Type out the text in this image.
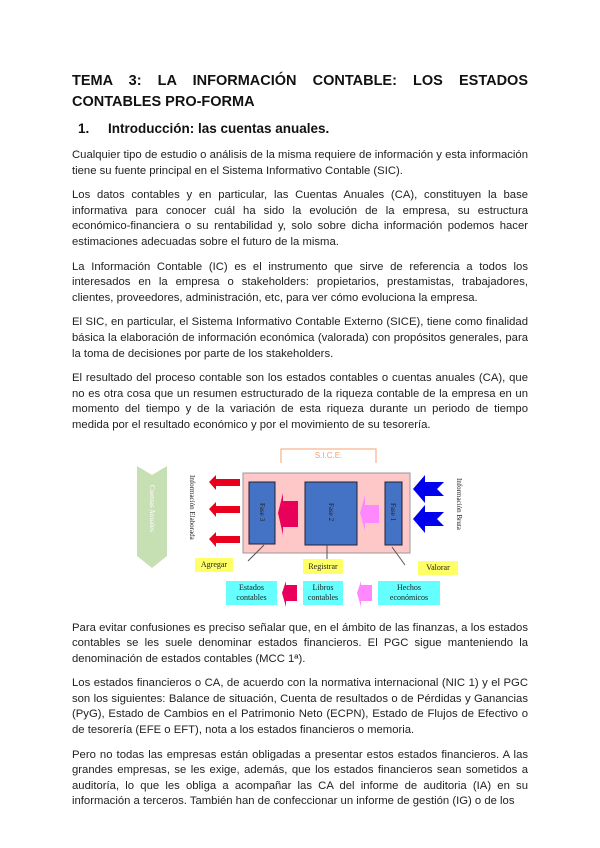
TEMA 3: LA INFORMACIÓN CONTABLE: LOS ESTADOS CONTABLES PRO-FORMA
1. Introducción: las cuentas anuales.

Cualquier tipo de estudio o análisis de la misma requiere de información y esta información tiene su fuente principal en el Sistema Informativo Contable (SIC).

Los datos contables y en particular, las Cuentas Anuales (CA), constituyen la base informativa para conocer cuál ha sido la evolución de la empresa, su estructura económico-financiera o su rentabilidad y, solo sobre dicha información podemos hacer estimaciones adecuadas sobre el futuro de la misma.

La Información Contable (IC) es el instrumento que sirve de referencia a todos los interesados en la empresa o stakeholders: propietarios, prestamistas, trabajadores, clientes, proveedores, administración, etc, para ver cómo evoluciona la empresa.

El SIC, en particular, el Sistema Informativo Contable Externo (SICE), tiene como finalidad básica la elaboración de información económica (valorada) con propósitos generales, para la toma de decisiones por parte de los stakeholders.

El resultado del proceso contable son los estados contables o cuentas anuales (CA), que no es otra cosa que un resumen estructurado de la riqueza contable de la empresa en un momento del tiempo y de la variación de esta riqueza durante un periodo de tiempo medida por el resultado económico y por el movimiento de su tesorería.

S.I.C.E.
Cuentas Anuales	Información Elaborada	Información Bruta
Fase 3	Fase 2	Fase 1
Agregar	Registrar	Valorar
Estados contables
Libros contables
Hechos económicos

Para evitar confusiones es preciso señalar que, en el ámbito de las finanzas, a los estados contables se les suele denominar estados financieros. El PGC sigue manteniendo la denominación de estados contables (MCC 1ª).

Los estados financieros o CA, de acuerdo con la normativa internacional (NIC 1) y el PGC son los siguientes: Balance de situación, Cuenta de resultados o de Pérdidas y Ganancias (PyG), Estado de Cambios en el Patrimonio Neto (ECPN), Estado de Flujos de Efectivo o de tesorería (EFE o EFT), nota a los estados financieros o memoria.

Pero no todas las empresas están obligadas a presentar estos estados financieros. A las grandes empresas, se les exige, además, que los estados financieros sean sometidos a auditoría, lo que les obliga a acompañar las CA del informe de auditoria (IA) en su información a terceros. También han de confeccionar un informe de gestión (IG) o de los
